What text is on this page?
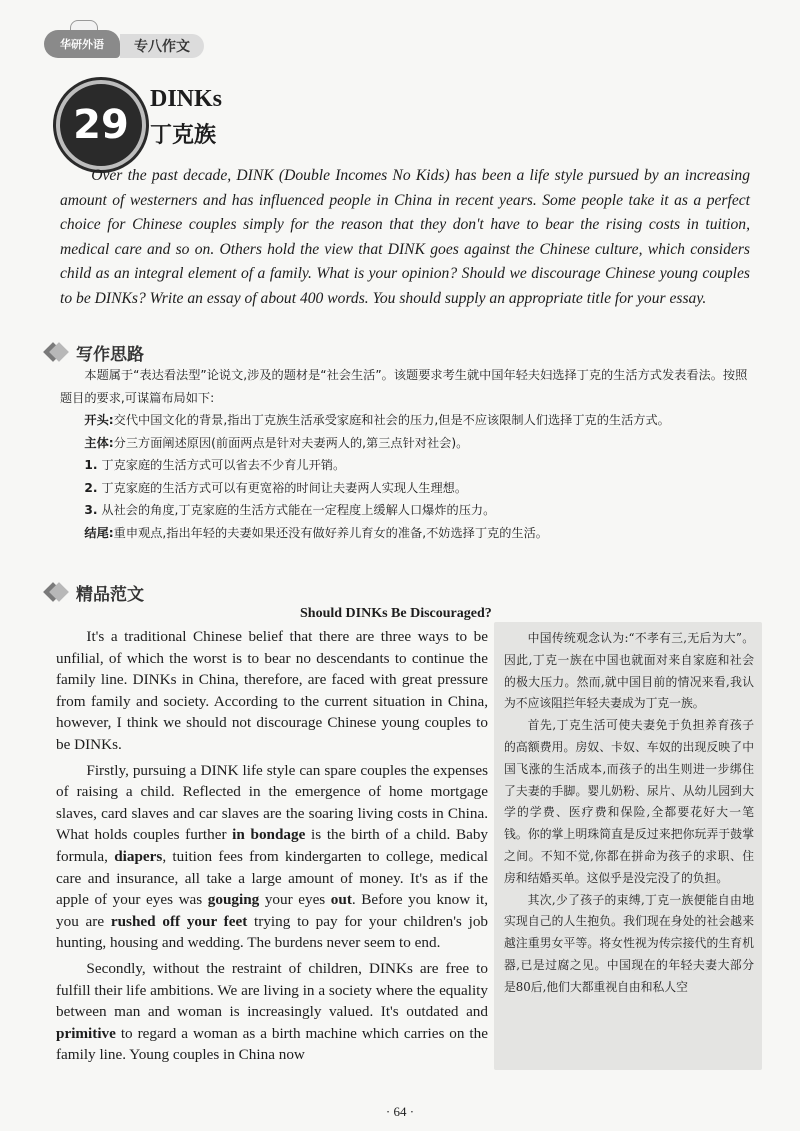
华研外语	专八作文
29
DINKs
丁克族
Over the past decade, DINK (Double Incomes No Kids) has been a life style pursued by an increasing amount of westerners and has influenced people in China in recent years. Some people take it as a perfect choice for Chinese couples simply for the reason that they don't have to bear the rising costs in tuition, medical care and so on. Others hold the view that DINK goes against the Chinese culture, which considers child as an integral element of a family. What is your opinion? Should we discourage Chinese young couples to be DINKs? Write an essay of about 400 words. You should supply an appropriate title for your essay.
写作思路

本题属于“表达看法型”论说文,涉及的题材是“社会生活”。该题要求考生就中国年轻夫妇选择丁克的生活方式发表看法。按照题目的要求,可谋篇布局如下:

开头:交代中国文化的背景,指出丁克族生活承受家庭和社会的压力,但是不应该限制人们选择丁克的生活方式。

主体:分三方面阐述原因(前面两点是针对夫妻两人的,第三点针对社会)。

1. 丁克家庭的生活方式可以省去不少育儿开销。

2. 丁克家庭的生活方式可以有更宽裕的时间让夫妻两人实现人生理想。

3. 从社会的角度,丁克家庭的生活方式能在一定程度上缓解人口爆炸的压力。

结尾:重申观点,指出年轻的夫妻如果还没有做好养儿育女的准备,不妨选择丁克的生活。

精品范文
Should DINKs Be Discouraged?

It's a traditional Chinese belief that there are three ways to be unfilial, of which the worst is to bear no descendants to continue the family line. DINKs in China, therefore, are faced with great pressure from family and society. According to the current situation in China, however, I think we should not discourage Chinese young couples to be DINKs.

Firstly, pursuing a DINK life style can spare couples the expenses of raising a child. Reflected in the emergence of home mortgage slaves, card slaves and car slaves are the soaring living costs in China. What holds couples further in bondage is the birth of a child. Baby formula, diapers, tuition fees from kindergarten to college, medical care and insurance, all take a large amount of money. It's as if the apple of your eyes was gouging your eyes out. Before you know it, you are rushed off your feet trying to pay for your children's job hunting, housing and wedding. The burdens never seem to end.

Secondly, without the restraint of children, DINKs are free to fulfill their life ambitions. We are living in a society where the equality between man and woman is increasingly valued. It's outdated and primitive to regard a woman as a birth machine which carries on the family line. Young couples in China now

中国传统观念认为:“不孝有三,无后为大”。因此,丁克一族在中国也就面对来自家庭和社会的极大压力。然而,就中国目前的情况来看,我认为不应该阻拦年轻夫妻成为丁克一族。

首先,丁克生活可使夫妻免于负担养育孩子的高额费用。房奴、卡奴、车奴的出现反映了中国飞涨的生活成本,而孩子的出生则进一步绑住了夫妻的手脚。婴儿奶粉、尿片、从幼儿园到大学的学费、医疗费和保险,全都要花好大一笔钱。你的掌上明珠简直是反过来把你玩弄于鼓掌之间。不知不觉,你都在拼命为孩子的求职、住房和结婚买单。这似乎是没完没了的负担。

其次,少了孩子的束缚,丁克一族便能自由地实现自己的人生抱负。我们现在身处的社会越来越注重男女平等。将女性视为传宗接代的生育机器,已是过腐之见。中国现在的年轻夫妻大部分是80后,他们大都重视自由和私人空

· 64 ·
